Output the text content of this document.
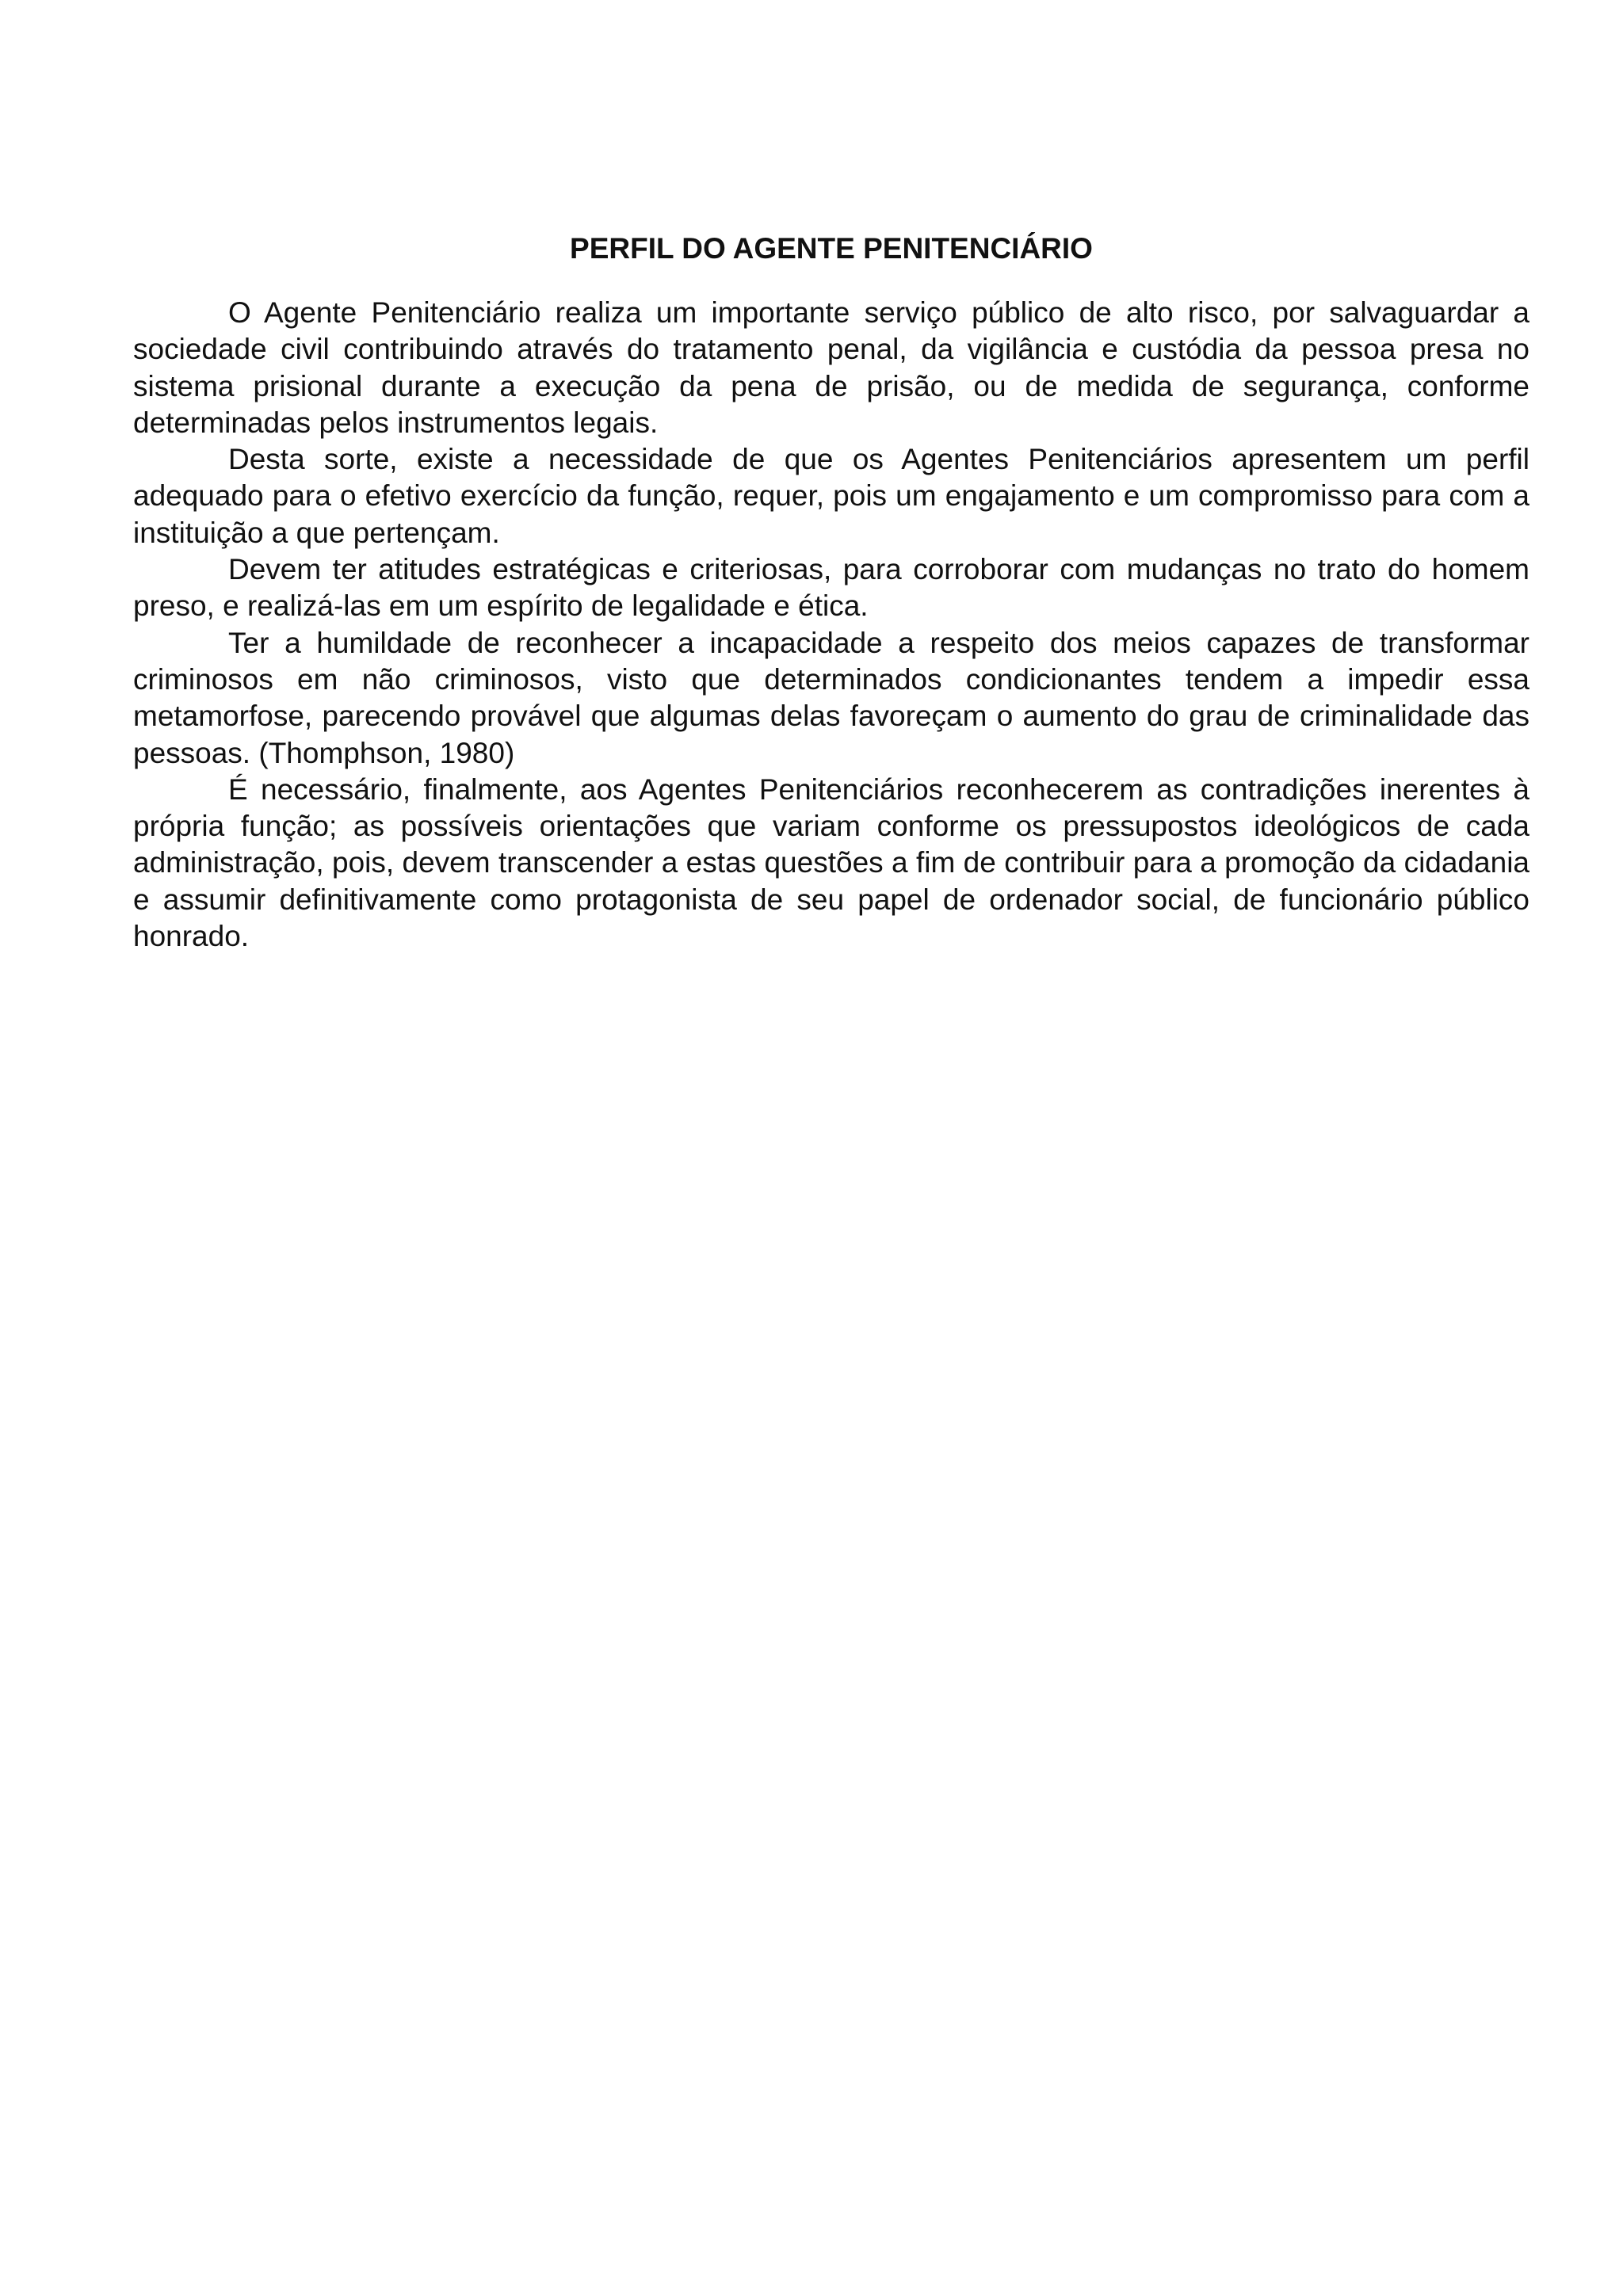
PERFIL DO AGENTE PENITENCIÁRIO

O Agente Penitenciário realiza um importante serviço público de alto risco, por salvaguardar a sociedade civil contribuindo através do tratamento penal, da vigilância e custódia da pessoa presa no sistema prisional durante a execução da pena de prisão, ou de medida de segurança, conforme determinadas pelos instrumentos legais.

Desta sorte, existe a necessidade de que os Agentes Penitenciários apresentem um perfil adequado para o efetivo exercício da função, requer, pois um engajamento e um compromisso para com a instituição a que pertençam.

Devem ter atitudes estratégicas e criteriosas, para corroborar com mudanças no trato do homem preso, e realizá-las em um espírito de legalidade e ética.

Ter a humildade de reconhecer a incapacidade a respeito dos meios capazes de transformar criminosos em não criminosos, visto que determinados condicionantes tendem a impedir essa metamorfose, parecendo provável que algumas delas favoreçam o aumento do grau de criminalidade das pessoas. (Thomphson, 1980)

É necessário, finalmente, aos Agentes Penitenciários reconhecerem as contradições inerentes à própria função; as possíveis orientações que variam conforme os pressupostos ideológicos de cada administração, pois, devem transcender a estas questões a fim de contribuir para a promoção da cidadania e assumir definitivamente como protagonista de seu papel de ordenador social, de funcionário público honrado.
